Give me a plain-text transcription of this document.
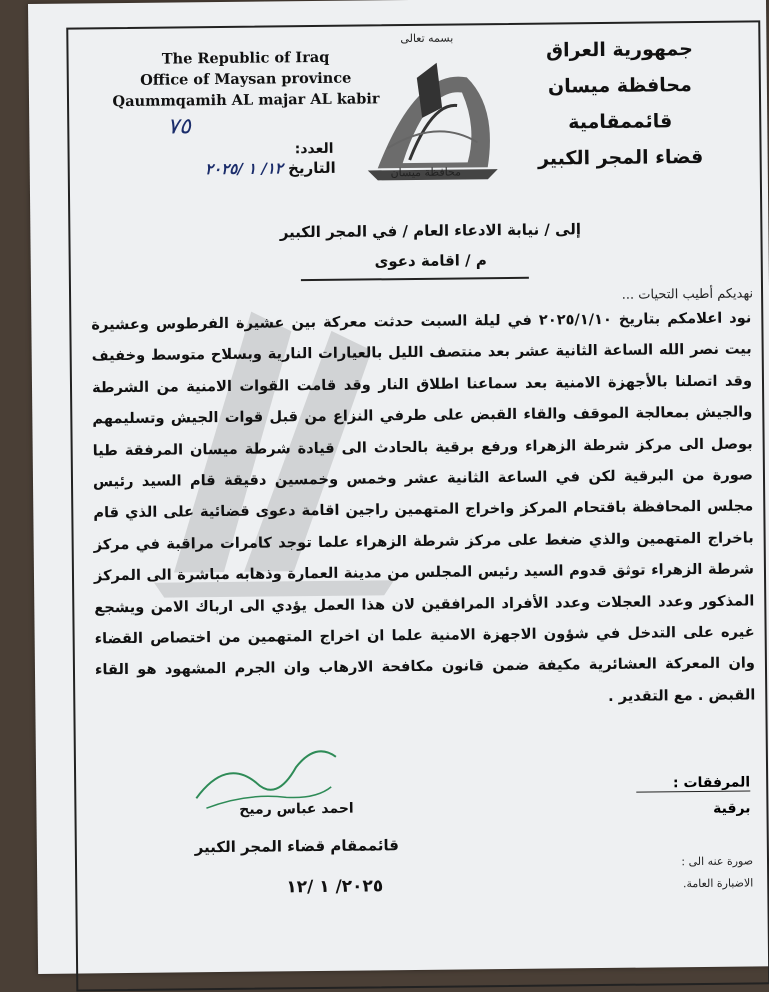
The Republic of Iraq
Office of Maysan province
Qaummqamih AL majar AL kabir
بسمه تعالى
محافظة ميسان
جمهورية العراق
محافظة ميسان
قائممقامية
قضاء المجر الكبير
٧٥
العدد:
التاريخ ١٢/ ١ /٢٠٢٥
إلى / نيابة الادعاء العام / في المجر الكبير
م / اقامة دعوى
نهديكم أطيب التحيات ...
نود اعلامكم بتاريخ ٢٠٢٥/١/١٠ في ليلة السبت حدثت معركة بين عشيرة الفرطوس وعشيرة بيت نصر الله الساعة الثانية عشر بعد منتصف الليل بالعيارات النارية وبسلاح متوسط وخفيف وقد اتصلنا بالأجهزة الامنية بعد سماعنا اطلاق النار وقد قامت القوات الامنية من الشرطة والجيش بمعالجة الموقف والقاء القبض على طرفي النزاع من قبل قوات الجيش وتسليمهم بوصل الى مركز شرطة الزهراء ورفع برقية بالحادث الى قيادة شرطة ميسان المرفقة طيا صورة من البرقية لكن في الساعة الثانية عشر وخمس وخمسين دقيقة قام السيد رئيس مجلس المحافظة باقتحام المركز واخراج المتهمين راجين اقامة دعوى قضائية على الذي قام باخراج المتهمين والذي ضغط على مركز شرطة الزهراء علما توجد كامرات مراقبة في مركز شرطة الزهراء توثق قدوم السيد رئيس المجلس من مدينة العمارة وذهابه مباشرة الى المركز المذكور وعدد العجلات وعدد الأفراد المرافقين لان هذا العمل يؤدي الى ارباك الامن ويشجع غيره على التدخل في شؤون الاجهزة الامنية علما ان اخراج المتهمين من اختصاص القضاء وان المعركة العشائرية مكيفة ضمن قانون مكافحة الارهاب وان الجرم المشهود هو القاء القبض . مع التقدير .
المرفقات :
برقية
احمد عباس رميح
قائممقام قضاء المجر الكبير
٢٠٢٥/ ١ /١٢
صورة عنه الى :
الاضبارة العامة.
